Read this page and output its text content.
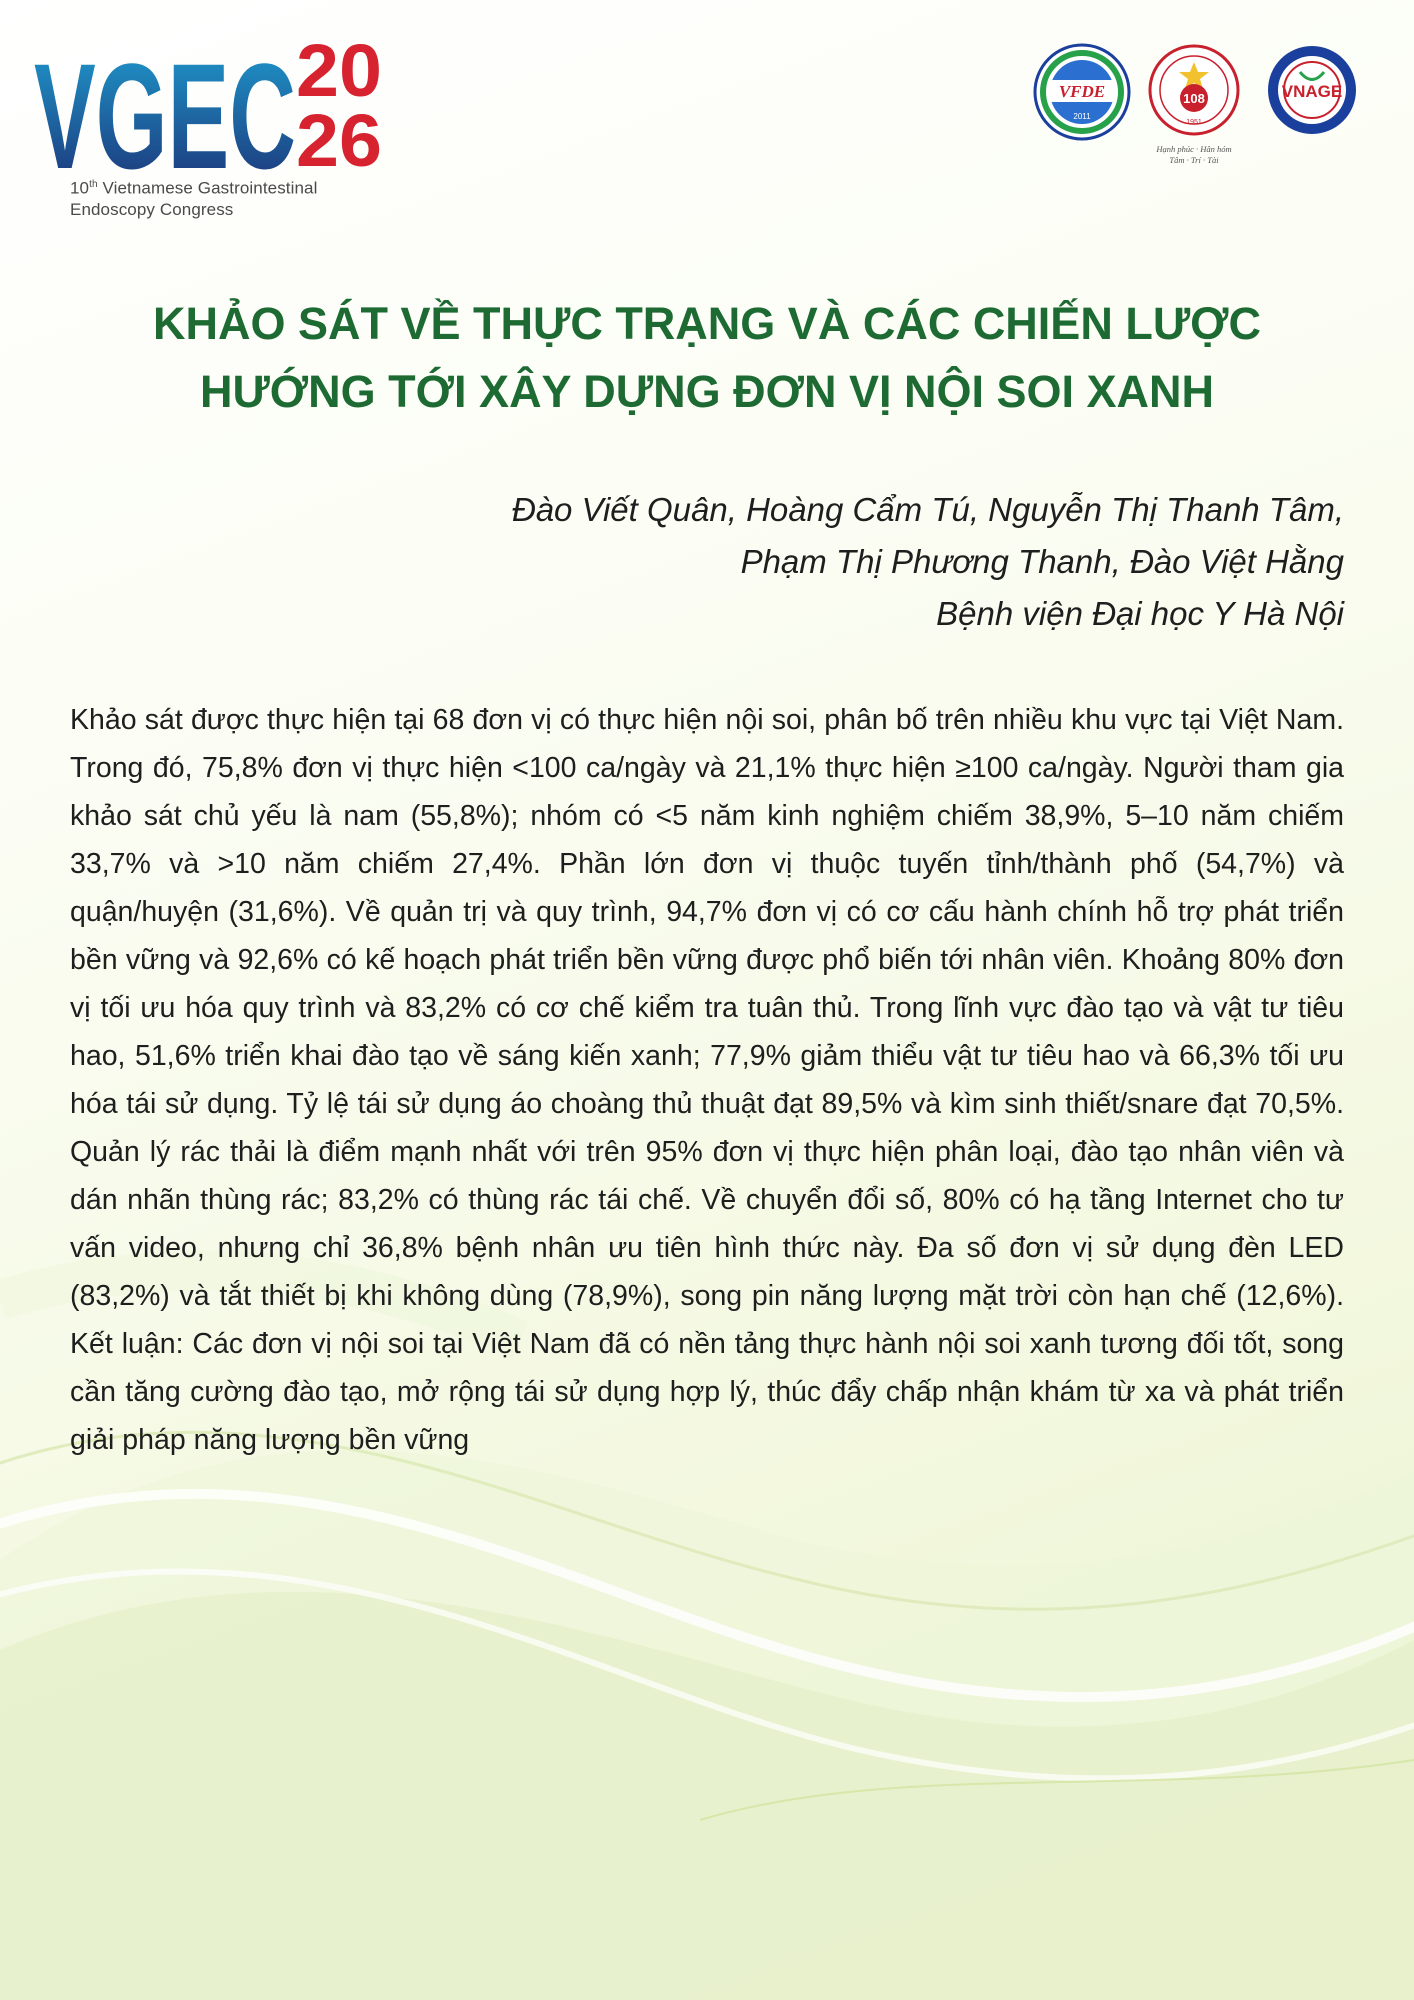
VGEC 20
26
10th Vietnamese Gastrointestinal
Endoscopy Congress
VFDE
2011
108
1951
VNAGE
Hạnh phúc · Hân hóm
Tâm · Trí · Tài
KHẢO SÁT VỀ THỰC TRẠNG VÀ CÁC CHIẾN LƯỢC
HƯỚNG TỚI XÂY DỰNG ĐƠN VỊ NỘI SOI XANH
Đào Viết Quân, Hoàng Cẩm Tú, Nguyễn Thị Thanh Tâm,
Phạm Thị Phương Thanh, Đào Việt Hằng
Bệnh viện Đại học Y Hà Nội

Khảo sát được thực hiện tại 68 đơn vị có thực hiện nội soi, phân bố trên nhiều khu vực tại Việt Nam. Trong đó, 75,8% đơn vị thực hiện <100 ca/ngày và 21,1% thực hiện ≥100 ca/ngày. Người tham gia khảo sát chủ yếu là nam (55,8%); nhóm có <5 năm kinh nghiệm chiếm 38,9%, 5–10 năm chiếm 33,7% và >10 năm chiếm 27,4%. Phần lớn đơn vị thuộc tuyến tỉnh/thành phố (54,7%) và quận/huyện (31,6%). Về quản trị và quy trình, 94,7% đơn vị có cơ cấu hành chính hỗ trợ phát triển bền vững và 92,6% có kế hoạch phát triển bền vững được phổ biến tới nhân viên. Khoảng 80% đơn vị tối ưu hóa quy trình và 83,2% có cơ chế kiểm tra tuân thủ. Trong lĩnh vực đào tạo và vật tư tiêu hao, 51,6% triển khai đào tạo về sáng kiến xanh; 77,9% giảm thiểu vật tư tiêu hao và 66,3% tối ưu hóa tái sử dụng. Tỷ lệ tái sử dụng áo choàng thủ thuật đạt 89,5% và kìm sinh thiết/snare đạt 70,5%. Quản lý rác thải là điểm mạnh nhất với trên 95% đơn vị thực hiện phân loại, đào tạo nhân viên và dán nhãn thùng rác; 83,2% có thùng rác tái chế. Về chuyển đổi số, 80% có hạ tầng Internet cho tư vấn video, nhưng chỉ 36,8% bệnh nhân ưu tiên hình thức này. Đa số đơn vị sử dụng đèn LED (83,2%) và tắt thiết bị khi không dùng (78,9%), song pin năng lượng mặt trời còn hạn chế (12,6%). Kết luận: Các đơn vị nội soi tại Việt Nam đã có nền tảng thực hành nội soi xanh tương đối tốt, song cần tăng cường đào tạo, mở rộng tái sử dụng hợp lý, thúc đẩy chấp nhận khám từ xa và phát triển giải pháp năng lượng bền vững
